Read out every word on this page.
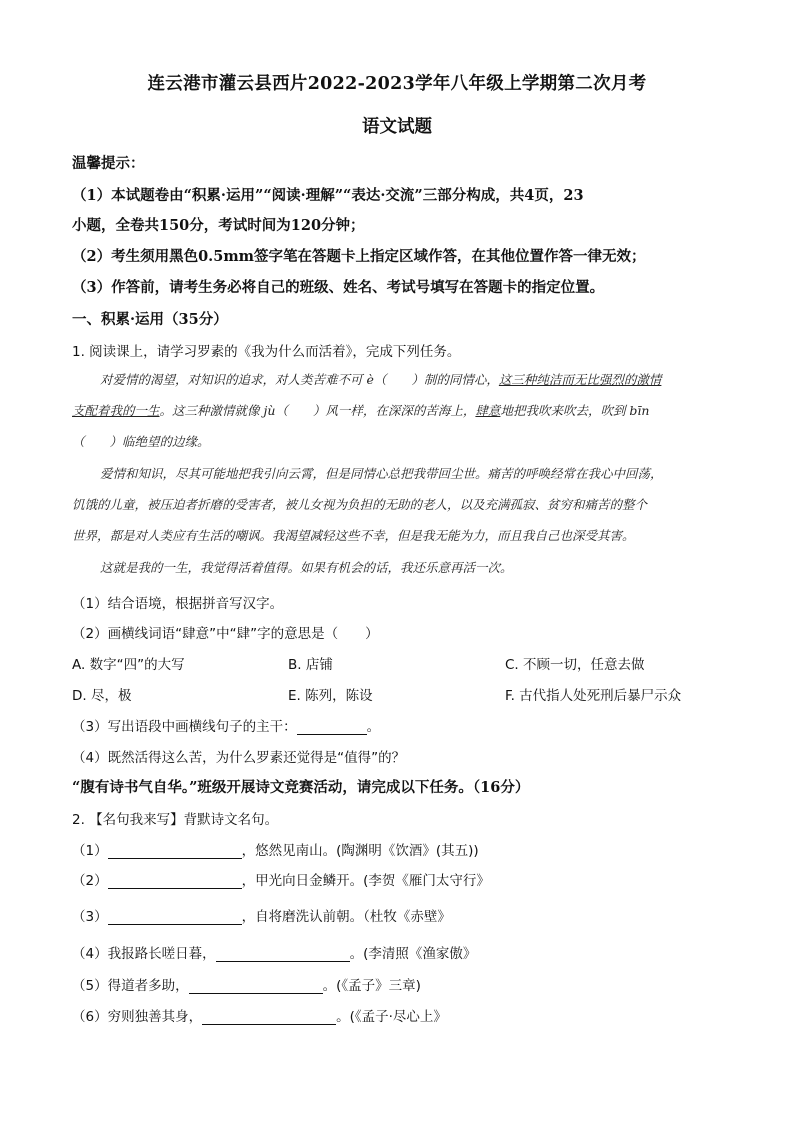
连云港市灌云县西片2022-2023学年八年级上学期第二次月考
语文试题
温馨提示：
（1）本试题卷由“积累·运用”“阅读·理解”“表达·交流”三部分构成，共4页，23
小题，全卷共150分，考试时间为120分钟；
（2）考生须用黑色0.5mm签字笔在答题卡上指定区域作答，在其他位置作答一律无效；
（3）作答前，请考生务必将自己的班级、姓名、考试号填写在答题卡的指定位置。
一、积累·运用（35分）
1. 阅读课上，请学习罗素的《我为什么而活着》，完成下列任务。
对爱情的渴望，对知识的追求，对人类苦难不可 è（　　）制的同情心，这三种纯洁而无比强烈的激情
支配着我的一生。这三种激情就像 jù（　　）风一样，在深深的苦海上，肆意地把我吹来吹去，吹到 bīn
（　　）临绝望的边缘。
爱情和知识，尽其可能地把我引向云霄，但是同情心总把我带回尘世。痛苦的呼唤经常在我心中回荡，
饥饿的儿童，被压迫者折磨的受害者，被儿女视为负担的无助的老人，以及充满孤寂、贫穷和痛苦的整个
世界，都是对人类应有生活的嘲讽。我渴望减轻这些不幸，但是我无能为力，而且我自己也深受其害。
这就是我的一生，我觉得活着值得。如果有机会的话，我还乐意再活一次。
（1）结合语境，根据拼音写汉字。
（2）画横线词语“肆意”中“肆”字的意思是（　　）
A. 数字“四”的大写	B. 店铺	C. 不顾一切，任意去做
D. 尽，极	E. 陈列，陈设	F. 古代指人处死刑后暴尸示众
（3）写出语段中画横线句子的主干：	。
（4）既然活得这么苦，为什么罗素还觉得是“值得”的？
“腹有诗书气自华。”班级开展诗文竞赛活动，请完成以下任务。（16分）
2. 【名句我来写】背默诗文名句。
（1）	，悠然见南山。(陶渊明《饮酒》(其五))
（2）	，甲光向日金鳞开。(李贺《雁门太守行》
（3）	，自将磨洗认前朝。（杜牧《赤壁》
（4）我报路长嗟日暮，	。(李清照《渔家傲》
（5）得道者多助，	。(《孟子》三章)
（6）穷则独善其身，	。(《孟子·尽心上》
